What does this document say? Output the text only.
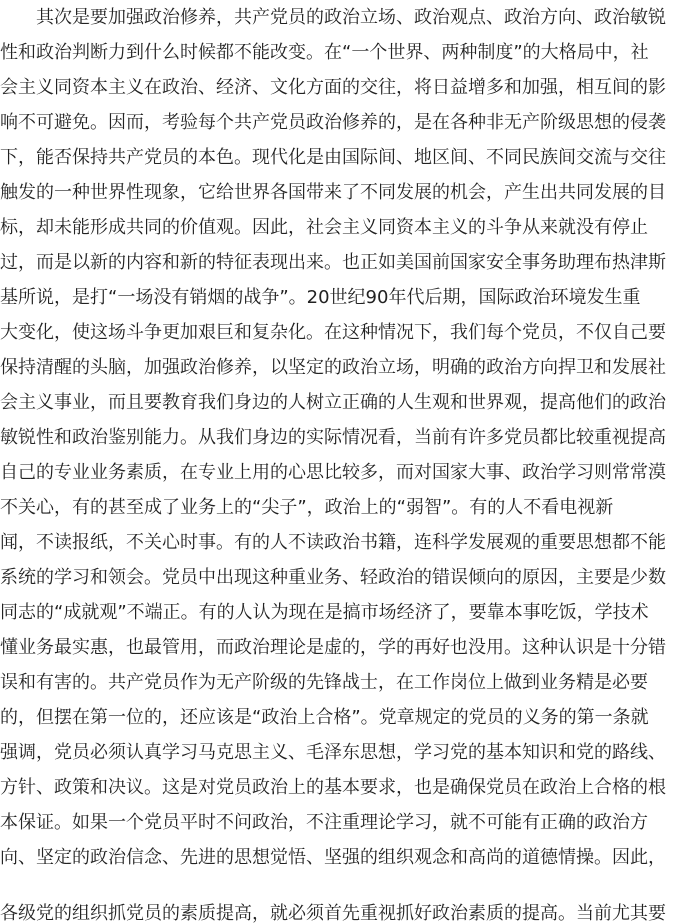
　　其次是要加强政治修养，共产党员的政治立场、政治观点、政治方向、政治敏锐
性和政治判断力到什么时候都不能改变。在“一个世界、两种制度”的大格局中，社
会主义同资本主义在政治、经济、文化方面的交往，将日益增多和加强，相互间的影
响不可避免。因而，考验每个共产党员政治修养的，是在各种非无产阶级思想的侵袭
下，能否保持共产党员的本色。现代化是由国际间、地区间、不同民族间交流与交往
触发的一种世界性现象，它给世界各国带来了不同发展的机会，产生出共同发展的目
标，却未能形成共同的价值观。因此，社会主义同资本主义的斗争从来就没有停止
过，而是以新的内容和新的特征表现出来。也正如美国前国家安全事务助理布热津斯
基所说，是打“一场没有销烟的战争”。20世纪90年代后期，国际政治环境发生重
大变化，使这场斗争更加艰巨和复杂化。在这种情况下，我们每个党员，不仅自己要
保持清醒的头脑，加强政治修养，以坚定的政治立场，明确的政治方向捍卫和发展社
会主义事业，而且要教育我们身边的人树立正确的人生观和世界观，提高他们的政治
敏锐性和政治鉴别能力。从我们身边的实际情况看，当前有许多党员都比较重视提高
自己的专业业务素质，在专业上用的心思比较多，而对国家大事、政治学习则常常漠
不关心，有的甚至成了业务上的“尖子”，政治上的“弱智”。有的人不看电视新
闻，不读报纸，不关心时事。有的人不读政治书籍，连科学发展观的重要思想都不能
系统的学习和领会。党员中出现这种重业务、轻政治的错误倾向的原因，主要是少数
同志的“成就观”不端正。有的人认为现在是搞市场经济了，要靠本事吃饭，学技术
懂业务最实惠，也最管用，而政治理论是虚的，学的再好也没用。这种认识是十分错
误和有害的。共产党员作为无产阶级的先锋战士，在工作岗位上做到业务精是必要
的，但摆在第一位的，还应该是“政治上合格”。党章规定的党员的义务的第一条就
强调，党员必须认真学习马克思主义、毛泽东思想，学习党的基本知识和党的路线、
方针、政策和决议。这是对党员政治上的基本要求，也是确保党员在政治上合格的根
本保证。如果一个党员平时不问政治，不注重理论学习，就不可能有正确的政治方
向、坚定的政治信念、先进的思想觉悟、坚强的组织观念和高尚的道德情操。因此，
各级党的组织抓党员的素质提高，就必须首先重视抓好政治素质的提高。当前尤其要
